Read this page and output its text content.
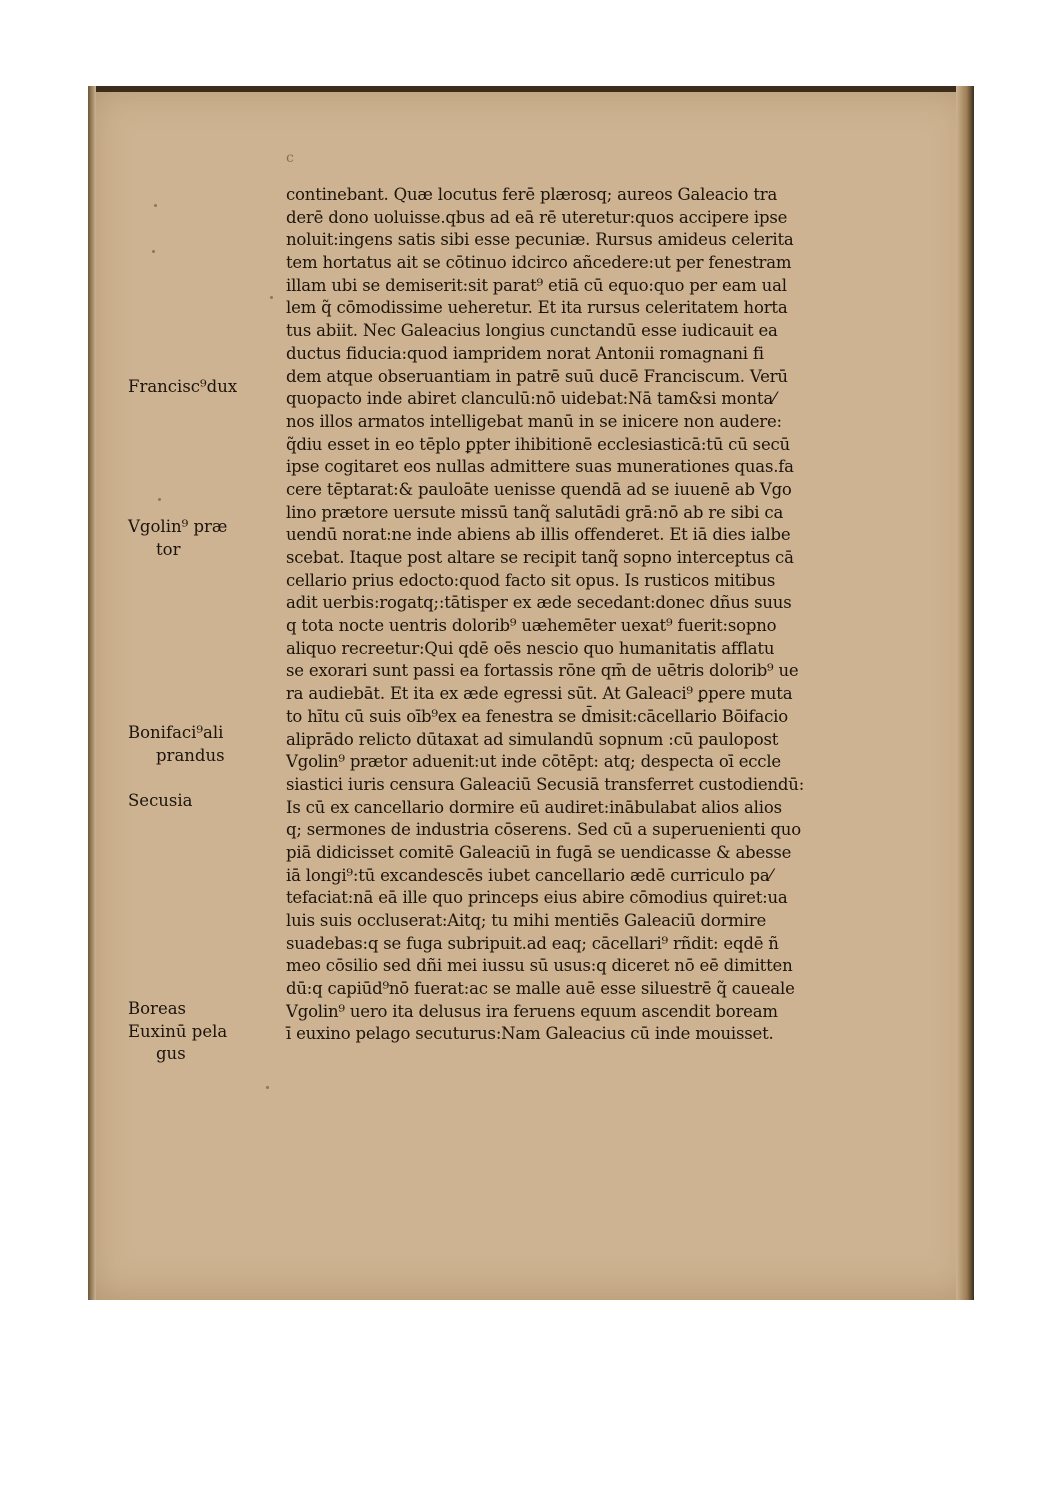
c
Francisc⁹dux
Vgolin⁹ præ
tor
Bonifaci⁹ali
prandus
Secusia
Boreas
Euxinū pela
gus
continebant. Quæ locutus ferē plærosq; aureos Galeacio tra
derē dono uoluisse.qbus ad eā rē uteretur:quos accipere ipse
noluit:ingens satis sibi esse pecuniæ. Rursus amideus celerita
tem hortatus ait se cōtinuo idcirco añcedere:ut per fenestram
illam ubi se demiserit:sit parat⁹ etiā cū equo:quo per eam ual
lem q̃ cōmodissime ueheretur. Et ita rursus celeritatem horta
tus abiit. Nec Galeacius longius cunctandū esse iudicauit ea
ductus fiducia:quod iampridem norat Antonii romagnani fi
dem atque obseruantiam in patrē suū ducē Franciscum. Verū
quopacto inde abiret clanculū:nō uidebat:Nā tam&si monta⁄
nos illos armatos intelligebat manū in se inicere non audere:
q̃diu esset in eo tēplo ꝑpter ihibitionē ecclesiasticā:tū cū secū
ipse cogitaret eos nullas admittere suas munerationes quas.fa
cere tēptarat:& pauloāte uenisse quendā ad se iuuenē ab Vgo
lino prætore uersute missū tanq̃ salutādi grā:nō ab re sibi ca
uendū norat:ne inde abiens ab illis offenderet. Et iā dies ialbe
scebat. Itaque post altare se recipit tanq̃ sopno interceptus cā
cellario prius edocto:quod facto sit opus. Is rusticos mitibus
adit uerbis:rogatq;:tātisper ex æde secedant:donec dñus suus
q tota nocte uentris dolorib⁹ uæhemēter uexat⁹ fuerit:sopno
aliquo recreetur:Qui qdē oēs nescio quo humanitatis afflatu
se exorari sunt passi ea fortassis rōne qm̄ de uētris dolorib⁹ ue
ra audiebāt. Et ita ex æde egressi sūt. At Galeaci⁹ ꝑpere muta
to hītu cū suis oīb⁹ex ea fenestra se d̄misit:cācellario Bōifacio
aliprādo relicto dūtaxat ad simulandū sopnum :cū paulopost
Vgolin⁹ prætor aduenit:ut inde cōtēpt: atq; despecta oī eccle
siastici iuris censura Galeaciū Secusiā transferret custodiendū:
Is cū ex cancellario dormire eū audiret:inābulabat alios alios
q; sermones de industria cōserens. Sed cū a superuenienti quo
piā didicisset comitē Galeaciū in fugā se uendicasse & abesse
iā longi⁹:tū excandescēs iubet cancellario ædē curriculo pa⁄
tefaciat:nā eā ille quo princeps eius abire cōmodius quiret:ua
luis suis occluserat:Aitq; tu mihi mentiēs Galeaciū dormire
suadebas:q se fuga subripuit.ad eaq; cācellari⁹ rñdit: eqdē ñ
meo cōsilio sed dñi mei iussu sū usus:q diceret nō eē dimitten
dū:q capiūd⁹nō fuerat:ac se malle auē esse siluestrē q̃ caueale
Vgolin⁹ uero ita delusus ira feruens equum ascendit boream
ī euxino pelago secuturus:Nam Galeacius cū inde mouisset.
